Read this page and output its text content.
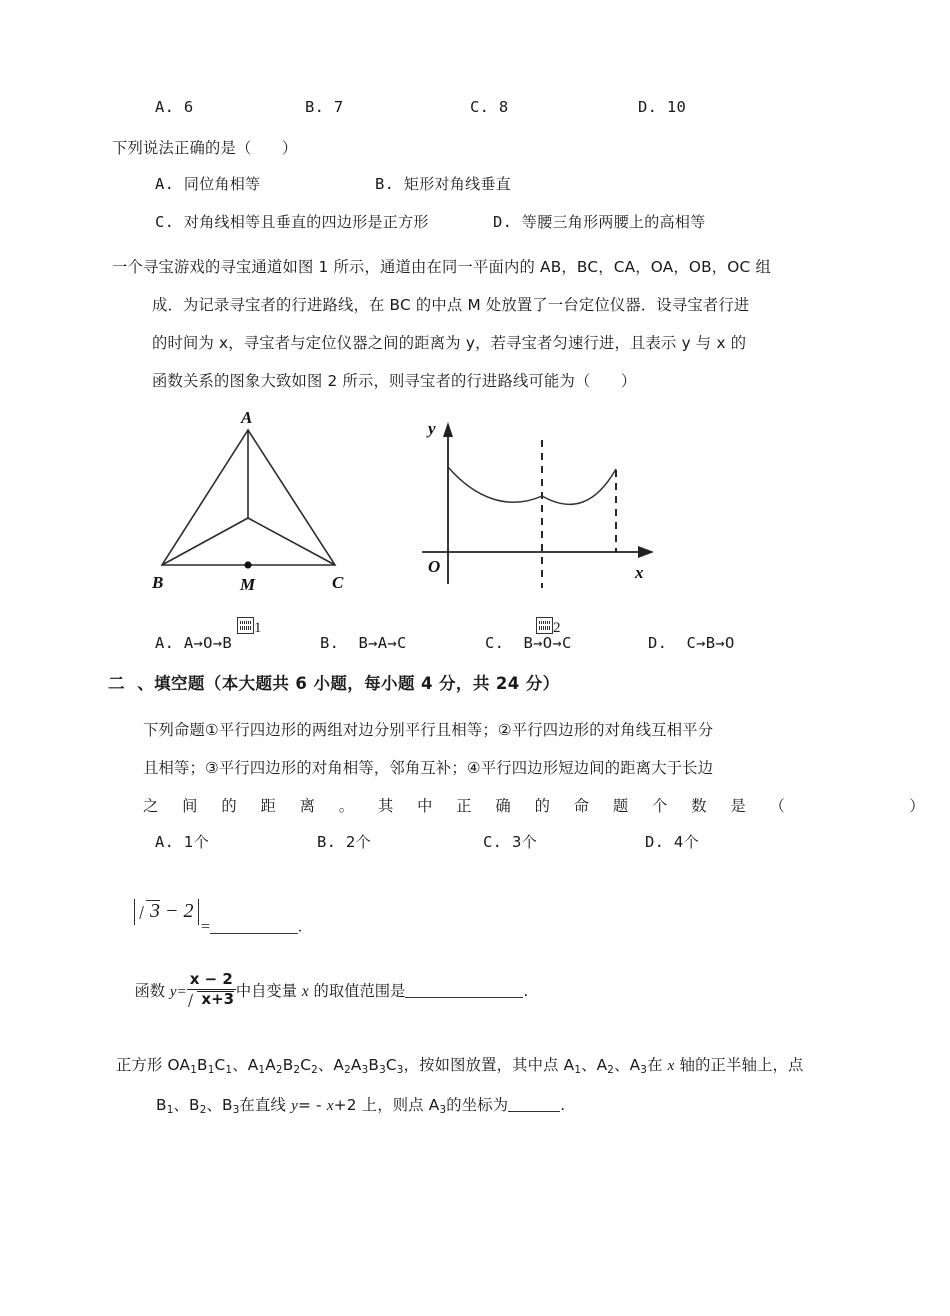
A. 6	B. 7	C. 8	D. 10
下列说法正确的是（      ）
A. 同位角相等	B. 矩形对角线垂直
C. 对角线相等且垂直的四边形是正方形	D. 等腰三角形两腰上的高相等
一个寻宝游戏的寻宝通道如图 1 所示，通道由在同一平面内的 AB，BC，CA，OA，OB，OC 组
成．为记录寻宝者的行进路线，在 BC 的中点 M 处放置了一台定位仪器．设寻宝者行进
的时间为 x，寻宝者与定位仪器之间的距离为 y，若寻宝者匀速行进，且表示 y 与 x 的
函数关系的图象大致如图 2 所示，则寻宝者的行进路线可能为（      ）
A
B	M	C
y
O	x

1
	2

A. A→O→B	B. B→A→C	C. B→O→C	D. C→B→O
二  、填空题（本大题共 6 小题，每小题 4 分，共 24 分）
下列命题①平行四边形的两组对边分别平行且相等；②平行四边形的对角线互相平分
且相等；③平行四边形的对角相等，邻角互补；④平行四边形短边间的距离大于长边
之 间 的 距 离 。 其 中 正 确 的 命 题 个 数 是 （        ）
A. 1个	B. 2个	C. 3个	D. 4个

3 − 2

=	.

函数 $y= \frac{x - 2}{x+3}$ 中自变量 x 的取值范围是	.

正方形 $OA_1B_1C_1$、$A_1A_2B_2C_2$、$A_2A_3B_3C_3$，按如图放置，其中点 $A_1$、$A_2$、$A_3$在 x 轴的正半轴上，点
$B_1$、$B_2$、$B_3$在直线 y= - x+2 上，则点 $A_3$的坐标为	.
